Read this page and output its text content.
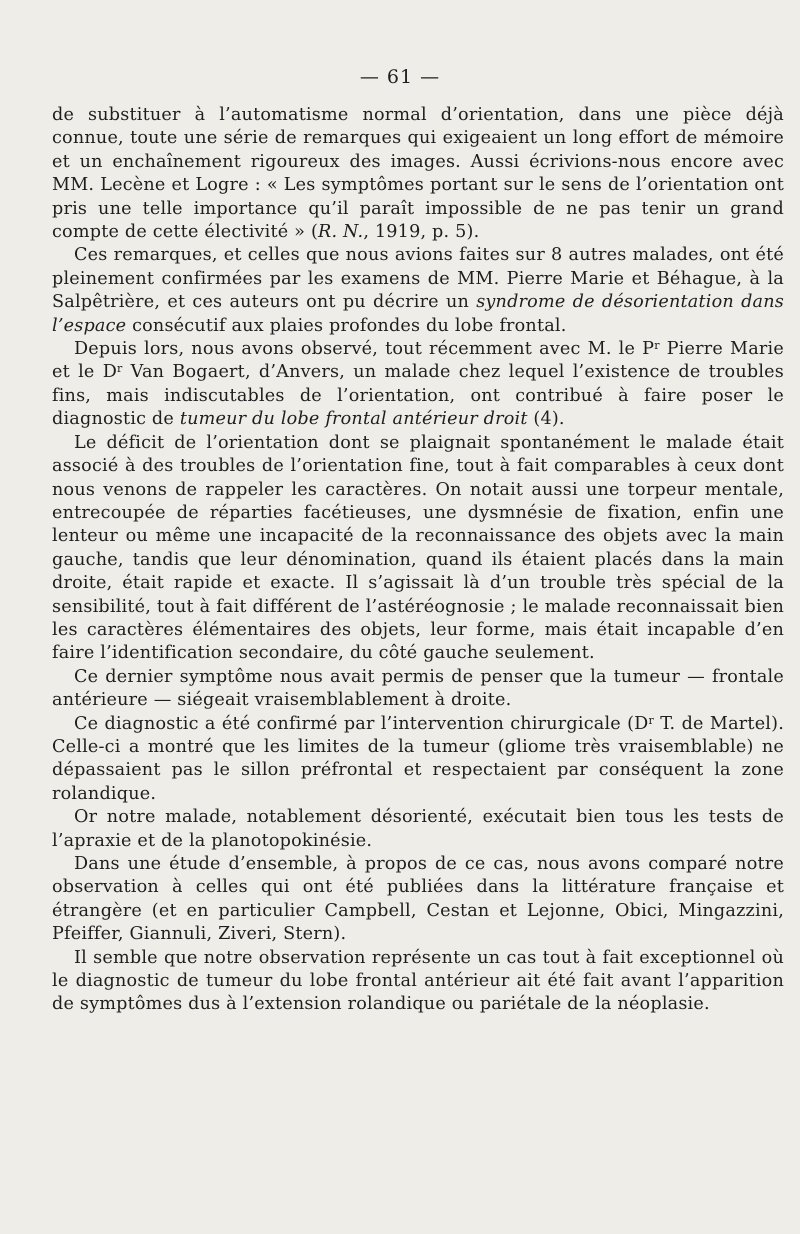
— 61 —

de substituer à l’automatisme normal d’orientation, dans une pièce déjà connue, toute une série de remarques qui exigeaient un long effort de mémoire et un enchaînement rigoureux des images. Aussi écrivions-nous encore avec MM. Lecène et Logre : « Les symptômes portant sur le sens de l’orientation ont pris une telle importance qu’il paraît impossible de ne pas tenir un grand compte de cette électivité » (R. N., 1919, p. 5).

Ces remarques, et celles que nous avions faites sur 8 autres malades, ont été pleinement confirmées par les examens de MM. Pierre Marie et Béhague, à la Salpêtrière, et ces auteurs ont pu décrire un syndrome de désorientation dans l’espace consécutif aux plaies profondes du lobe frontal.

Depuis lors, nous avons observé, tout récemment avec M. le $P^r$ Pierre Marie et le $D^r$ Van Bogaert, d’Anvers, un malade chez lequel l’existence de troubles fins, mais indiscutables de l’orientation, ont contribué à faire poser le diagnostic de tumeur du lobe frontal antérieur droit (4).

Le déficit de l’orientation dont se plaignait spontanément le malade était associé à des troubles de l’orientation fine, tout à fait comparables à ceux dont nous venons de rappeler les caractères. On notait aussi une torpeur mentale, entrecoupée de réparties facétieuses, une dysmnésie de fixation, enfin une lenteur ou même une incapacité de la reconnaissance des objets avec la main gauche, tandis que leur dénomination, quand ils étaient placés dans la main droite, était rapide et exacte. Il s’agissait là d’un trouble très spécial de la sensibilité, tout à fait différent de l’astéréognosie ; le malade reconnaissait bien les caractères élémentaires des objets, leur forme, mais était incapable d’en faire l’identification secondaire, du côté gauche seulement.

Ce dernier symptôme nous avait permis de penser que la tumeur — frontale antérieure — siégeait vraisemblablement à droite.

Ce diagnostic a été confirmé par l’intervention chirurgicale ($D^r$ T. de Martel). Celle-ci a montré que les limites de la tumeur (gliome très vraisemblable) ne dépassaient pas le sillon préfrontal et respectaient par conséquent la zone rolandique.

Or notre malade, notablement désorienté, exécutait bien tous les tests de l’apraxie et de la planotopokinésie.

Dans une étude d’ensemble, à propos de ce cas, nous avons comparé notre observation à celles qui ont été publiées dans la littérature française et étrangère (et en particulier Campbell, Cestan et Lejonne, Obici, Mingazzini, Pfeiffer, Giannuli, Ziveri, Stern).

Il semble que notre observation représente un cas tout à fait exceptionnel où le diagnostic de tumeur du lobe frontal antérieur ait été fait avant l’apparition de symptômes dus à l’extension rolandique ou pariétale de la néoplasie.
